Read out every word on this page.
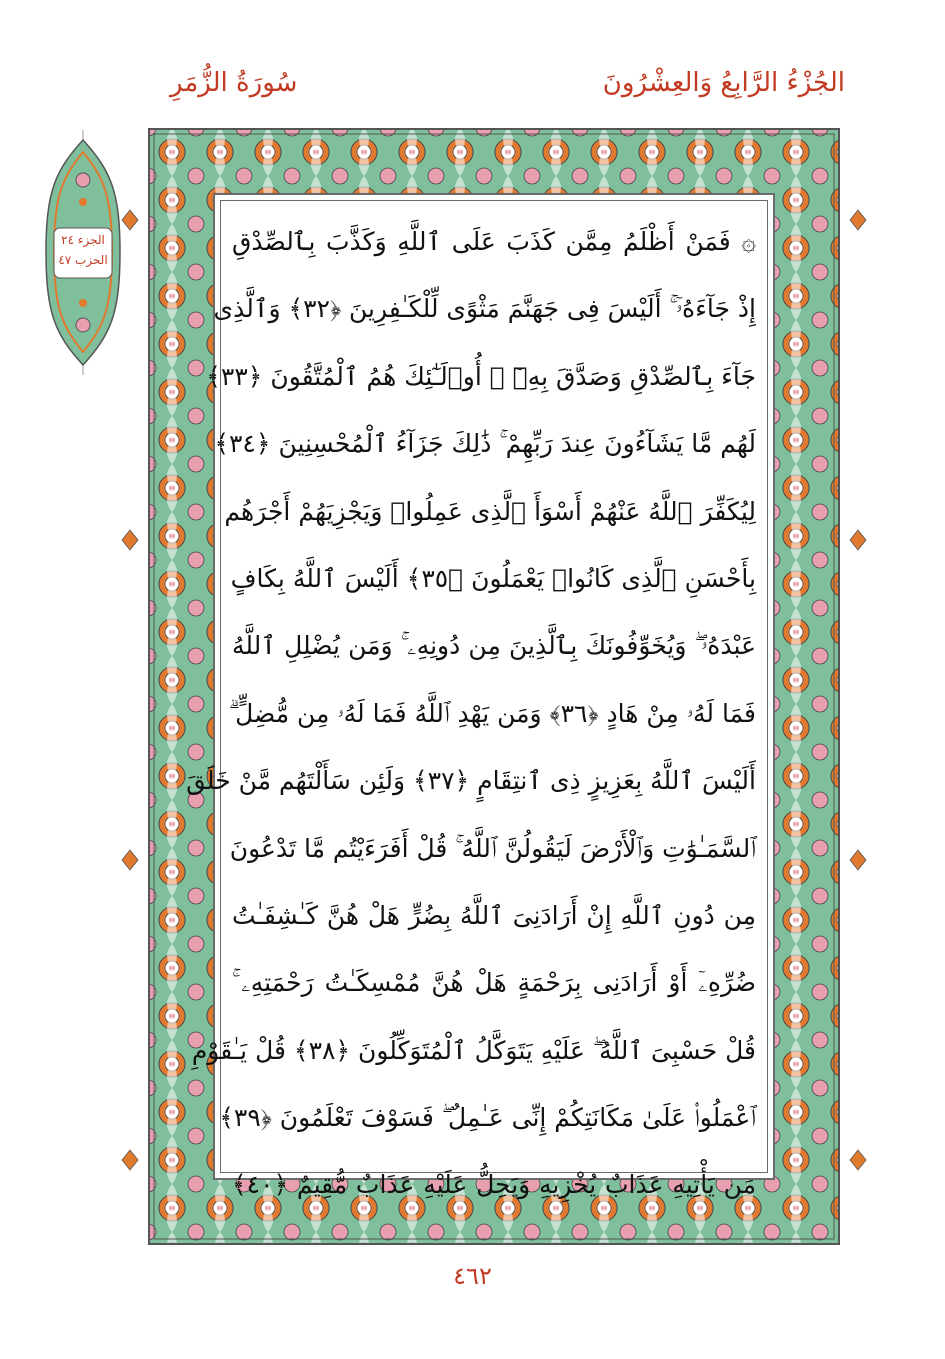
الجُزْءُ الرَّابِعُ وَالعِشْرُونَ
سُورَةُ الزُّمَرِ
الجزء ٢٤
الحزب ٤٧
۞ فَمَنْ أَظْلَمُ مِمَّن كَذَبَ عَلَى ٱللَّهِ وَكَذَّبَ بِٱلصِّدْقِ
إِذْ جَآءَهُۥٓ ۚ أَلَيْسَ فِى جَهَنَّمَ مَثْوًى لِّلْكَـٰفِرِينَ ﴿٣٢﴾ وَٱلَّذِى
جَآءَ بِٱلصِّدْقِ وَصَدَّقَ بِهِۦٓ ۙ أُو۟لَـٰٓئِكَ هُمُ ٱلْمُتَّقُونَ ﴿٣٣﴾
لَهُم مَّا يَشَآءُونَ عِندَ رَبِّهِمْ ۚ ذَٰلِكَ جَزَآءُ ٱلْمُحْسِنِينَ ﴿٣٤﴾
لِيُكَفِّرَ ٱللَّهُ عَنْهُمْ أَسْوَأَ ٱلَّذِى عَمِلُوا۟ وَيَجْزِيَهُمْ أَجْرَهُم
بِأَحْسَنِ ٱلَّذِى كَانُوا۟ يَعْمَلُونَ ﴿٣٥﴾ أَلَيْسَ ٱللَّهُ بِكَافٍ
عَبْدَهُۥ ۖ وَيُخَوِّفُونَكَ بِٱلَّذِينَ مِن دُونِهِۦ ۚ وَمَن يُضْلِلِ ٱللَّهُ
فَمَا لَهُۥ مِنْ هَادٍ ﴿٣٦﴾ وَمَن يَهْدِ ٱللَّهُ فَمَا لَهُۥ مِن مُّضِلٍّ ۗ
أَلَيْسَ ٱللَّهُ بِعَزِيزٍ ذِى ٱنتِقَامٍ ﴿٣٧﴾ وَلَئِن سَأَلْتَهُم مَّنْ خَلَقَ
ٱلسَّمَـٰوَٰتِ وَٱلْأَرْضَ لَيَقُولُنَّ ٱللَّهُ ۚ قُلْ أَفَرَءَيْتُم مَّا تَدْعُونَ
مِن دُونِ ٱللَّهِ إِنْ أَرَادَنِىَ ٱللَّهُ بِضُرٍّ هَلْ هُنَّ كَـٰشِفَـٰتُ
ضُرِّهِۦٓ أَوْ أَرَادَنِى بِرَحْمَةٍ هَلْ هُنَّ مُمْسِكَـٰتُ رَحْمَتِهِۦ ۚ
قُلْ حَسْبِىَ ٱللَّهُ ۖ عَلَيْهِ يَتَوَكَّلُ ٱلْمُتَوَكِّلُونَ ﴿٣٨﴾ قُلْ يَـٰقَوْمِ
ٱعْمَلُوا۟ عَلَىٰ مَكَانَتِكُمْ إِنِّى عَـٰمِلٌ ۖ فَسَوْفَ تَعْلَمُونَ ﴿٣٩﴾
مَن يَأْتِيهِ عَذَابٌ يُخْزِيهِ وَيَحِلُّ عَلَيْهِ عَذَابٌ مُّقِيمٌ ﴿٤٠﴾
٤٦٢
